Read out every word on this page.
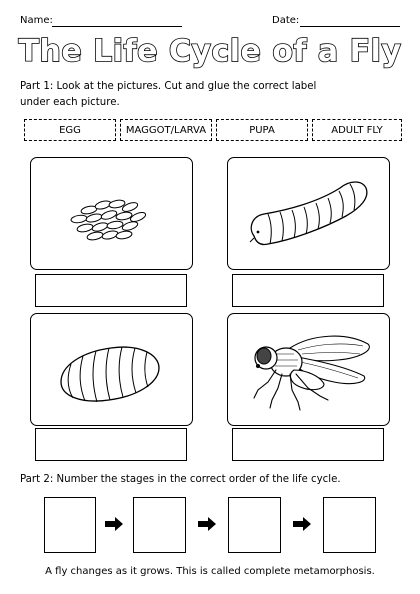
Name:	Date:
The Life Cycle of a Fly
Part 1: Look at the pictures. Cut and glue the correct label
under each picture.
EGG	MAGGOT/LARVA	PUPA	ADULT FLY
Part 2: Number the stages in the correct order of the life cycle.
A fly changes as it grows. This is called complete metamorphosis.
